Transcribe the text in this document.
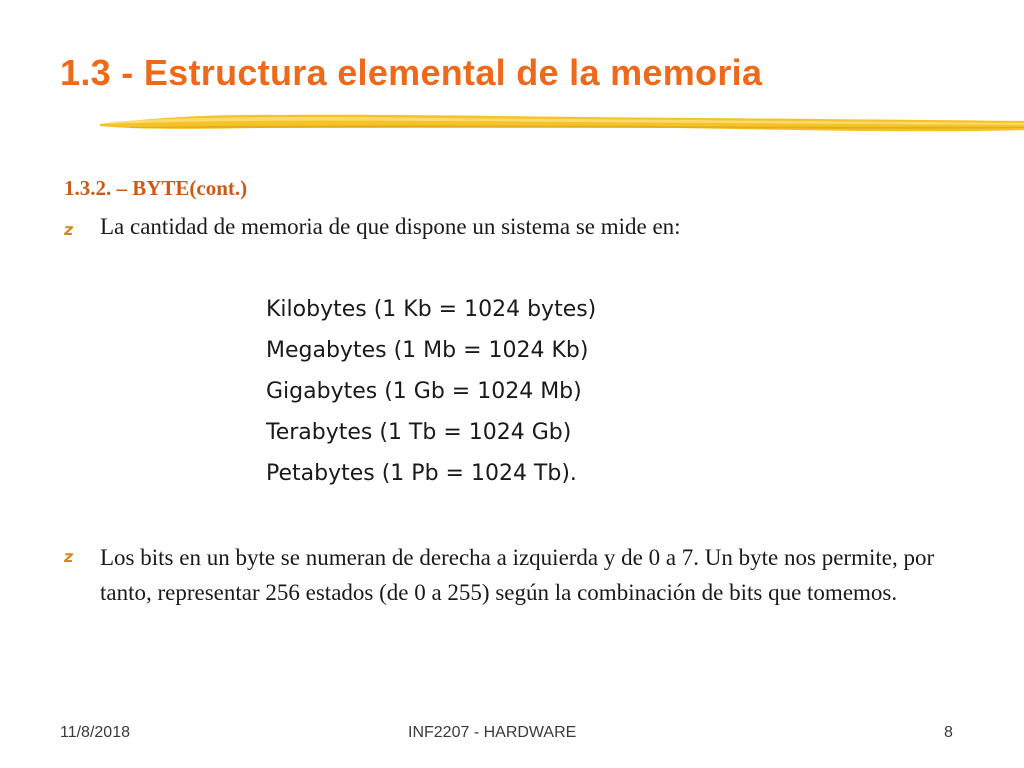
1.3 - Estructura elemental de la memoria
1.3.2. – BYTE(cont.)
z La cantidad de memoria de que dispone un sistema se mide en:
Kilobytes (1 Kb = 1024 bytes)
Megabytes (1 Mb = 1024 Kb)
Gigabytes (1 Gb = 1024 Mb)
Terabytes (1 Tb = 1024 Gb)
Petabytes (1 Pb = 1024 Tb).
z Los bits en un byte se numeran de derecha a izquierda y de 0 a 7. Un byte nos permite, por tanto, representar 256 estados (de 0 a 255) según la combinación de bits que tomemos.
11/8/2018	INF2207 - HARDWARE	8
